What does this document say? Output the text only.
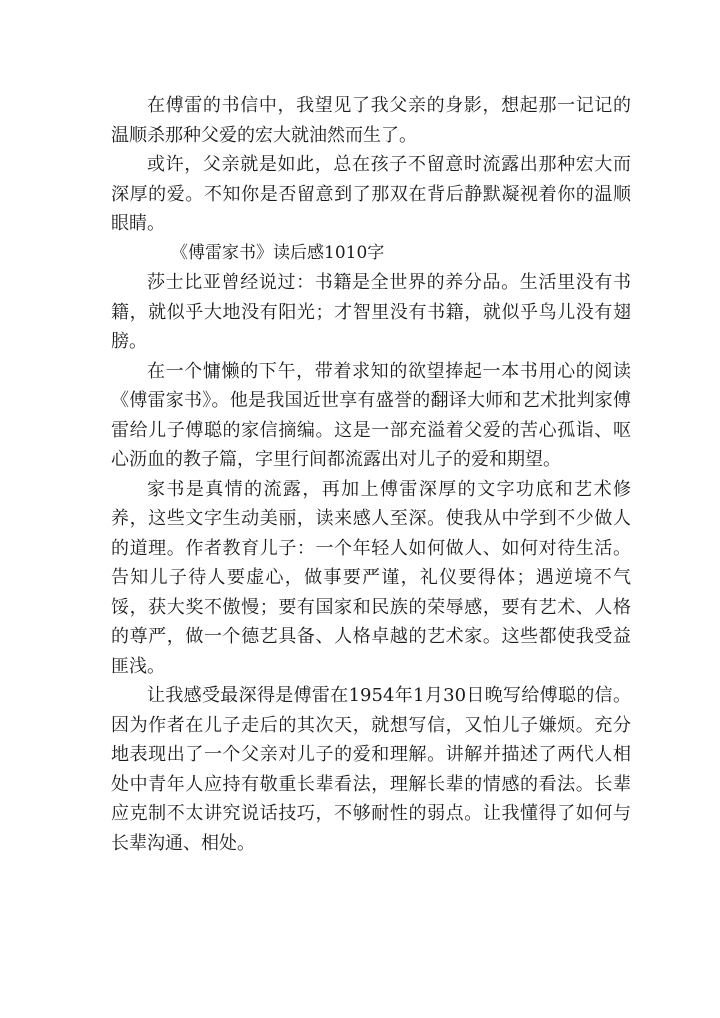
在傅雷的书信中，我望见了我父亲的身影，想起那一记记的温顺杀那种父爱的宏大就油然而生了。

或许，父亲就是如此，总在孩子不留意时流露出那种宏大而深厚的爱。不知你是否留意到了那双在背后静默凝视着你的温顺眼睛。

《傅雷家书》读后感1010字

莎士比亚曾经说过：书籍是全世界的养分品。生活里没有书籍，就似乎大地没有阳光；才智里没有书籍，就似乎鸟儿没有翅膀。

在一个慵懒的下午，带着求知的欲望捧起一本书用心的阅读《傅雷家书》。他是我国近世享有盛誉的翻译大师和艺术批判家傅雷给儿子傅聪的家信摘编。这是一部充溢着父爱的苦心孤诣、呕心沥血的教子篇，字里行间都流露出对儿子的爱和期望。

家书是真情的流露，再加上傅雷深厚的文字功底和艺术修养，这些文字生动美丽，读来感人至深。使我从中学到不少做人的道理。作者教育儿子：一个年轻人如何做人、如何对待生活。告知儿子待人要虚心，做事要严谨，礼仪要得体；遇逆境不气馁，获大奖不傲慢；要有国家和民族的荣辱感，要有艺术、人格的尊严，做一个德艺具备、人格卓越的艺术家。这些都使我受益匪浅。

让我感受最深得是傅雷在1954年1月30日晚写给傅聪的信。因为作者在儿子走后的其次天，就想写信，又怕儿子嫌烦。充分地表现出了一个父亲对儿子的爱和理解。讲解并描述了两代人相处中青年人应持有敬重长辈看法，理解长辈的情感的看法。长辈应克制不太讲究说话技巧，不够耐性的弱点。让我懂得了如何与长辈沟通、相处。
